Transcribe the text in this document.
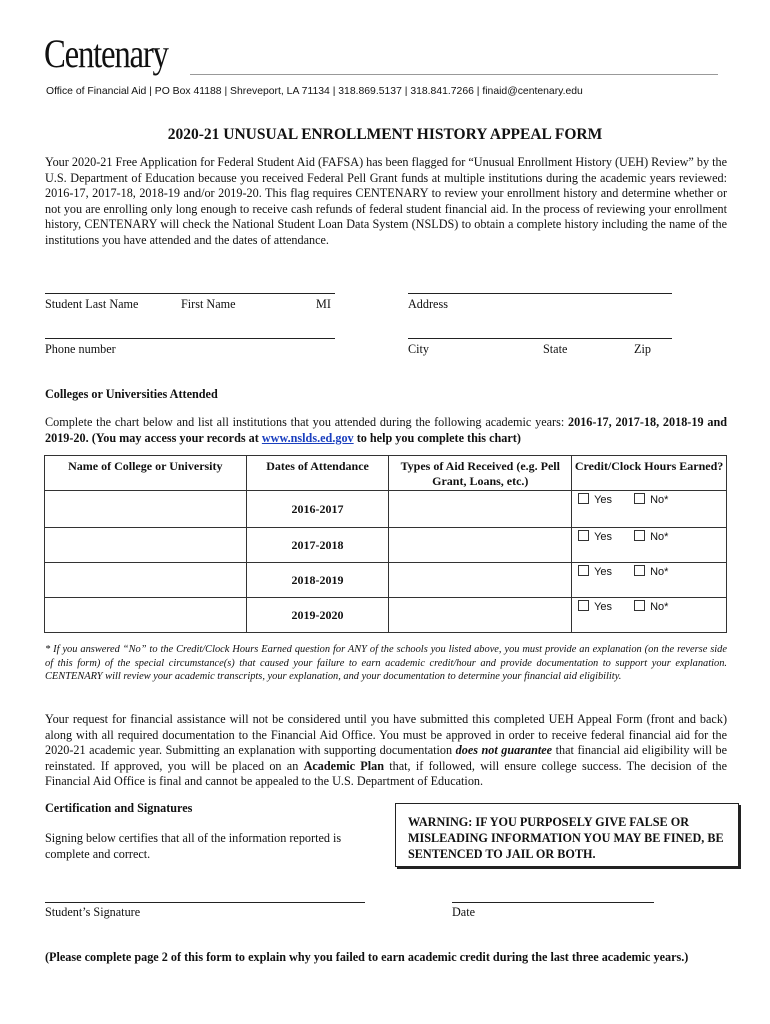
Centenary
Office of Financial Aid | PO Box 41188 | Shreveport, LA 71134 | 318.869.5137 | 318.841.7266 | finaid@centenary.edu
2020-21 UNUSUAL ENROLLMENT HISTORY APPEAL FORM
Your 2020-21 Free Application for Federal Student Aid (FAFSA) has been flagged for “Unusual Enrollment History (UEH) Review” by the U.S. Department of Education because you received Federal Pell Grant funds at multiple institutions during the academic years reviewed: 2016-17, 2017-18, 2018-19 and/or 2019-20. This flag requires CENTENARY to review your enrollment history and determine whether or not you are enrolling only long enough to receive cash refunds of federal student financial aid. In the process of reviewing your enrollment history, CENTENARY will check the National Student Loan Data System (NSLDS) to obtain a complete history including the name of the institutions you have attended and the dates of attendance.
Student Last Name	First Name	MI	Address
Phone number	City	State	Zip
Colleges or Universities Attended
Complete the chart below and list all institutions that you attended during the following academic years: 2016-17, 2017-18, 2018-19 and 2019-20. (You may access your records at www.nslds.ed.gov to help you complete this chart)
Name of College or University	Dates of Attendance	Types of Aid Received (e.g. Pell Grant, Loans, etc.)	Credit/Clock Hours Earned?
	2016-2017		Yes No*

	2017-2018		Yes No*

	2018-2019		Yes No*

	2019-2020		Yes No*
* If you answered “No” to the Credit/Clock Hours Earned question for ANY of the schools you listed above, you must provide an explanation (on the reverse side of this form) of the special circumstance(s) that caused your failure to earn academic credit/hour and provide documentation to support your explanation. CENTENARY will review your academic transcripts, your explanation, and your documentation to determine your financial aid eligibility.
Your request for financial assistance will not be considered until you have submitted this completed UEH Appeal Form (front and back) along with all required documentation to the Financial Aid Office. You must be approved in order to receive federal financial aid for the 2020-21 academic year. Submitting an explanation with supporting documentation does not guarantee that financial aid eligibility will be reinstated. If approved, you will be placed on an Academic Plan that, if followed, will ensure college success. The decision of the Financial Aid Office is final and cannot be appealed to the U.S. Department of Education.
Certification and Signatures
Signing below certifies that all of the information reported is complete and correct.
WARNING: IF YOU PURPOSELY GIVE FALSE OR MISLEADING INFORMATION YOU MAY BE FINED, BE SENTENCED TO JAIL OR BOTH.
Student’s Signature	Date
(Please complete page 2 of this form to explain why you failed to earn academic credit during the last three academic years.)
